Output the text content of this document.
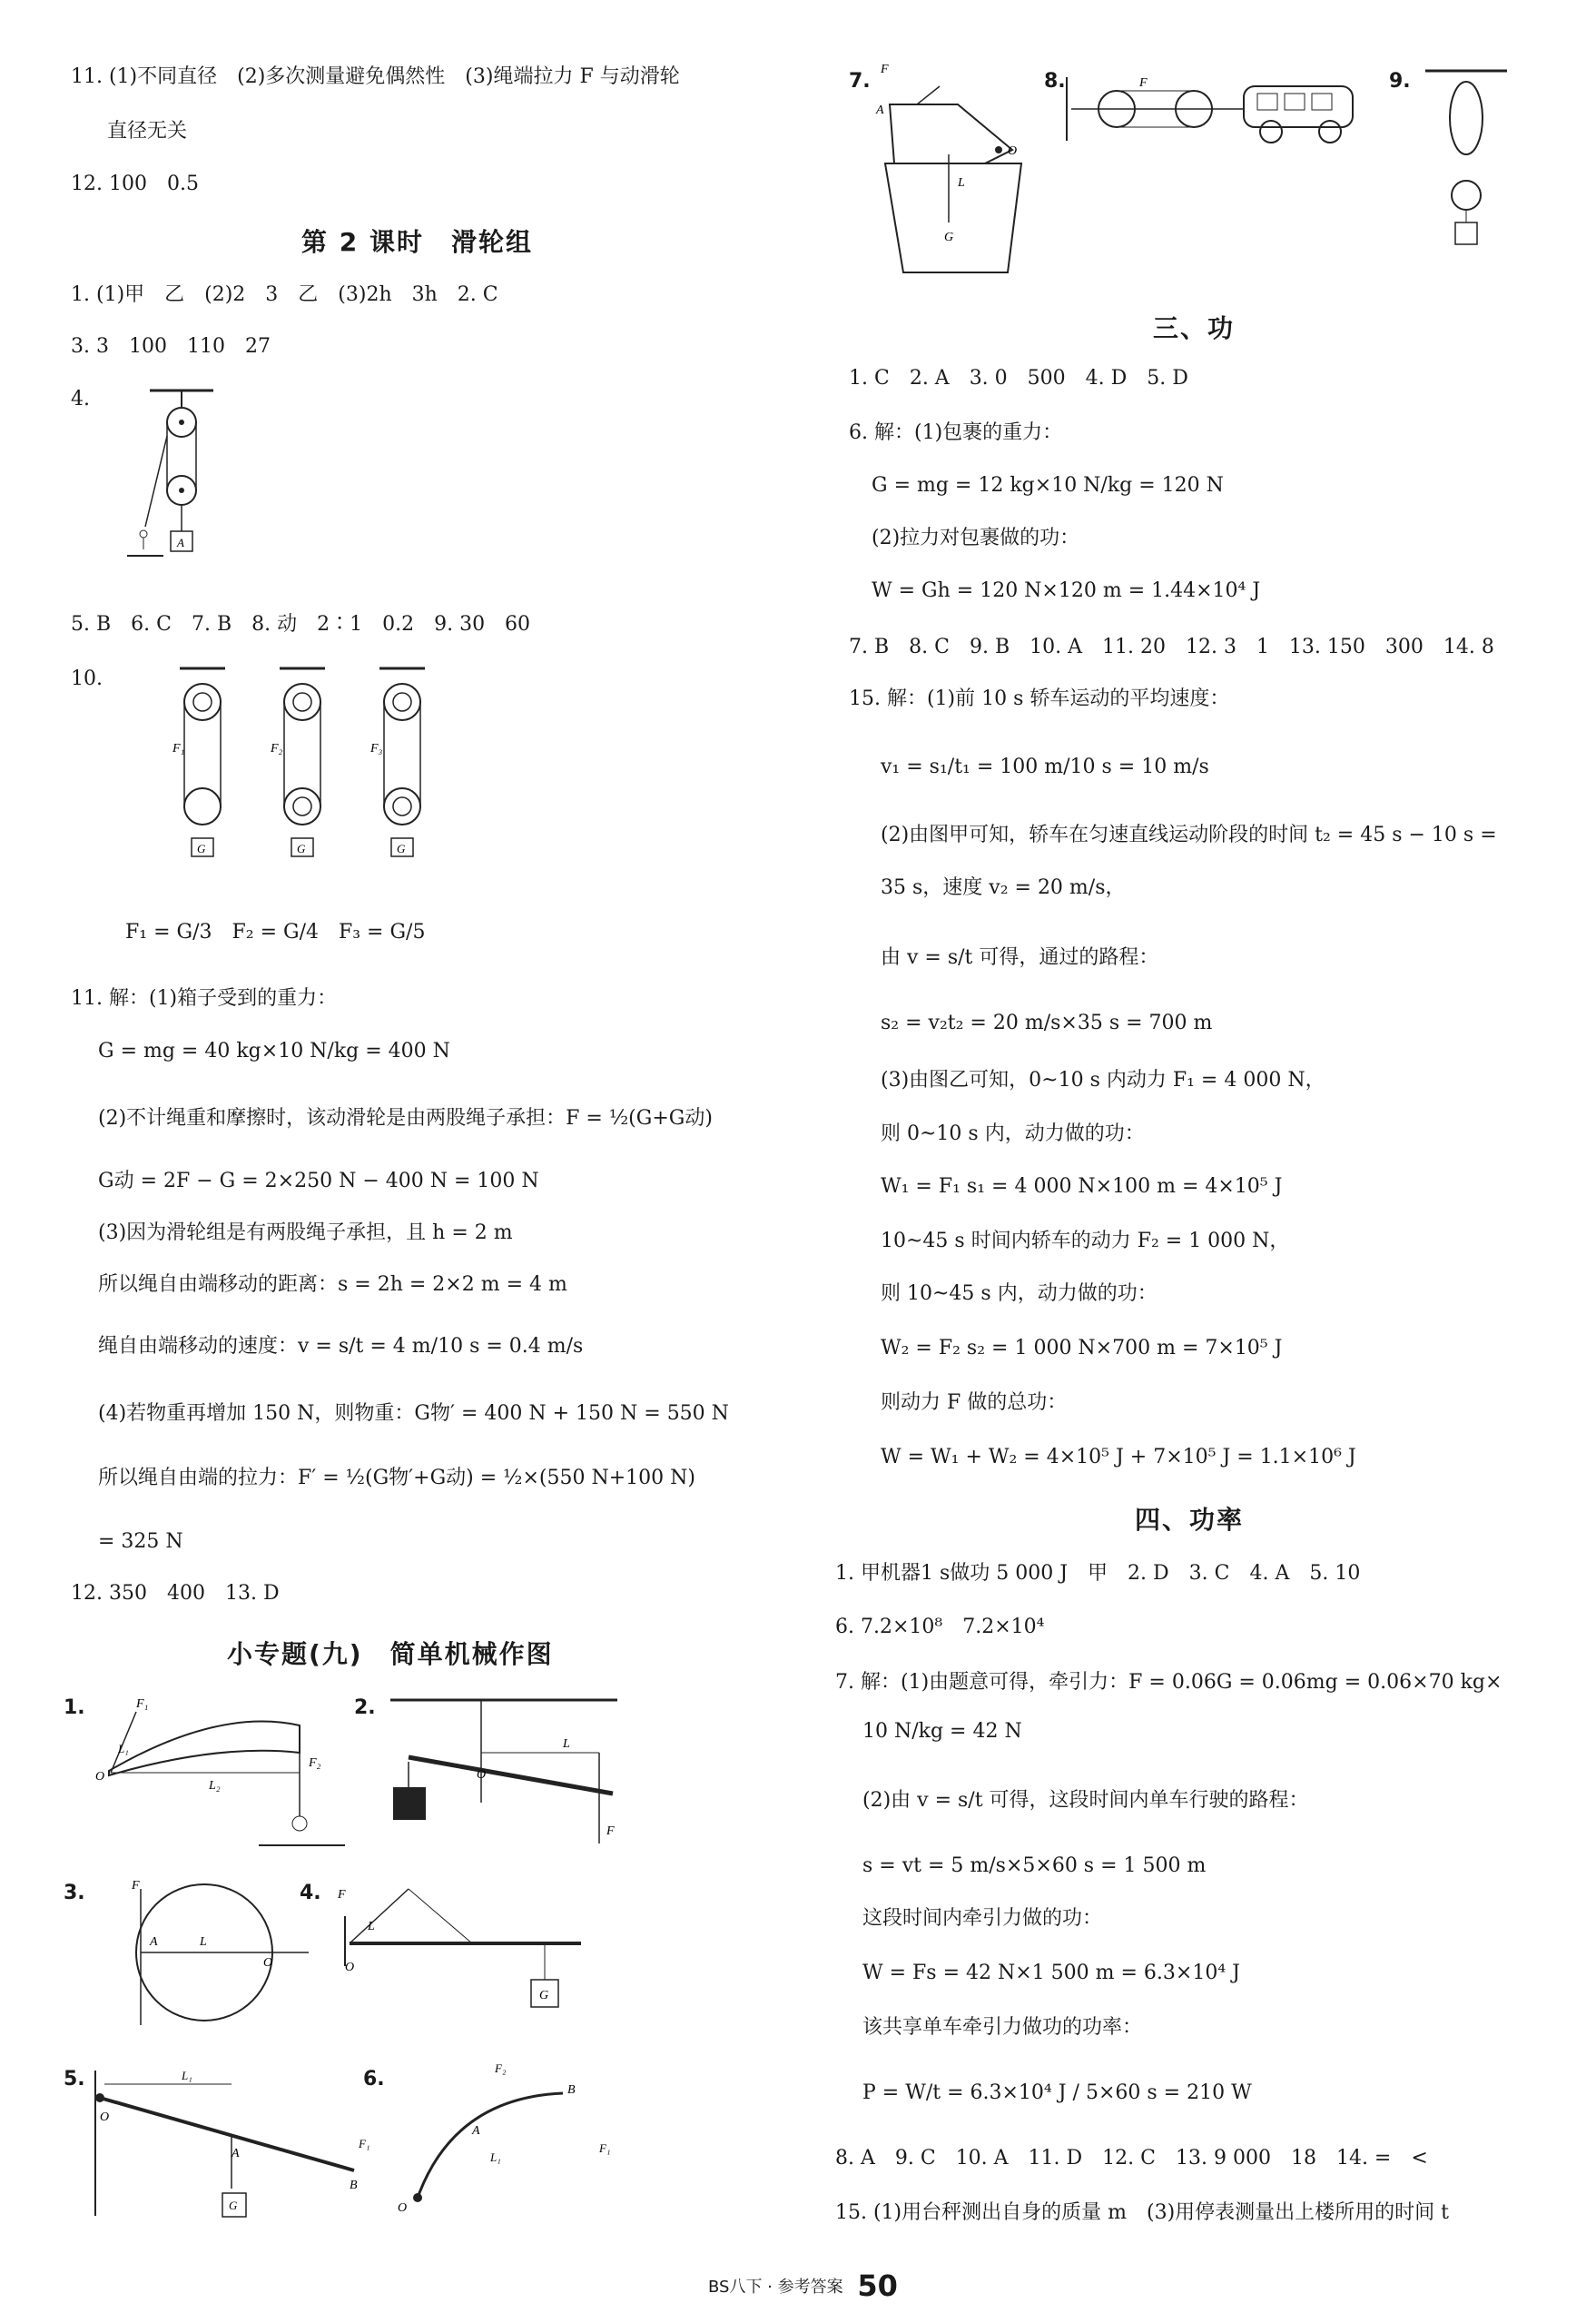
11. (1)不同直径　(2)多次测量避免偶然性　(3)绳端拉力 F 与动滑轮
直径无关
12. 100　0.5
第 2 课时　滑轮组
1. (1)甲　乙　(2)2　3　乙　(3)2h　3h　2. C
3. 3　100　110　27
4.
A
5. B　6. C　7. B　8. 动　2∶1　0.2　9. 30　60
10.
G
F₁
G
F₂
G
F₃
F₁ = G/3　F₂ = G/4　F₃ = G/5
11. 解：(1)箱子受到的重力：
G = mg = 40 kg×10 N/kg = 400 N
(2)不计绳重和摩擦时，该动滑轮是由两股绳子承担：F = ½(G+G动)
G动 = 2F − G = 2×250 N − 400 N = 100 N
(3)因为滑轮组是有两股绳子承担，且 h = 2 m
所以绳自由端移动的距离：s = 2h = 2×2 m = 4 m
绳自由端移动的速度：v = s/t = 4 m/10 s = 0.4 m/s
(4)若物重再增加 150 N，则物重：G物′ = 400 N + 150 N = 550 N
所以绳自由端的拉力：F′ = ½(G物′+G动) = ½×(550 N+100 N)
= 325 N
12. 350　400　13. D
小专题(九)　简单机械作图
1.	2.
3.	4.
5.	6.
O
F₁
L₂
L₁
F₂
O
L
F
F
A	L
O
F
O
L
G
O
L₁
A
G
B
F₁
O
B
F₂
F₁
A
L₁
7.	8.	9.
F
A
O
L
G
F
三、功
1. C　2. A　3. 0　500　4. D　5. D
6. 解：(1)包裹的重力：
G = mg = 12 kg×10 N/kg = 120 N
(2)拉力对包裹做的功：
W = Gh = 120 N×120 m = 1.44×10⁴ J
7. B　8. C　9. B　10. A　11. 20　12. 3　1　13. 150　300　14. 8
15. 解：(1)前 10 s 轿车运动的平均速度：
v₁ = s₁/t₁ = 100 m/10 s = 10 m/s
(2)由图甲可知，轿车在匀速直线运动阶段的时间 t₂ = 45 s − 10 s =
35 s，速度 v₂ = 20 m/s，
由 v = s/t 可得，通过的路程：
s₂ = v₂t₂ = 20 m/s×35 s = 700 m
(3)由图乙可知，0~10 s 内动力 F₁ = 4 000 N，
则 0~10 s 内，动力做的功：
W₁ = F₁ s₁ = 4 000 N×100 m = 4×10⁵ J
10~45 s 时间内轿车的动力 F₂ = 1 000 N，
则 10~45 s 内，动力做的功：
W₂ = F₂ s₂ = 1 000 N×700 m = 7×10⁵ J
则动力 F 做的总功：
W = W₁ + W₂ = 4×10⁵ J + 7×10⁵ J = 1.1×10⁶ J
四、功率
1. 甲机器1 s做功 5 000 J　甲　2. D　3. C　4. A　5. 10
6. 7.2×10⁸　7.2×10⁴
7. 解：(1)由题意可得，牵引力：F = 0.06G = 0.06mg = 0.06×70 kg×
10 N/kg = 42 N
(2)由 v = s/t 可得，这段时间内单车行驶的路程：
s = vt = 5 m/s×5×60 s = 1 500 m
这段时间内牵引力做的功：
W = Fs = 42 N×1 500 m = 6.3×10⁴ J
该共享单车牵引力做功的功率：
P = W/t = 6.3×10⁴ J / 5×60 s = 210 W
8. A　9. C　10. A　11. D　12. C　13. 9 000　18　14. =　<
15. (1)用台秤测出自身的质量 m　(3)用停表测量出上楼所用的时间 t
BS八下 · 参考答案 50
